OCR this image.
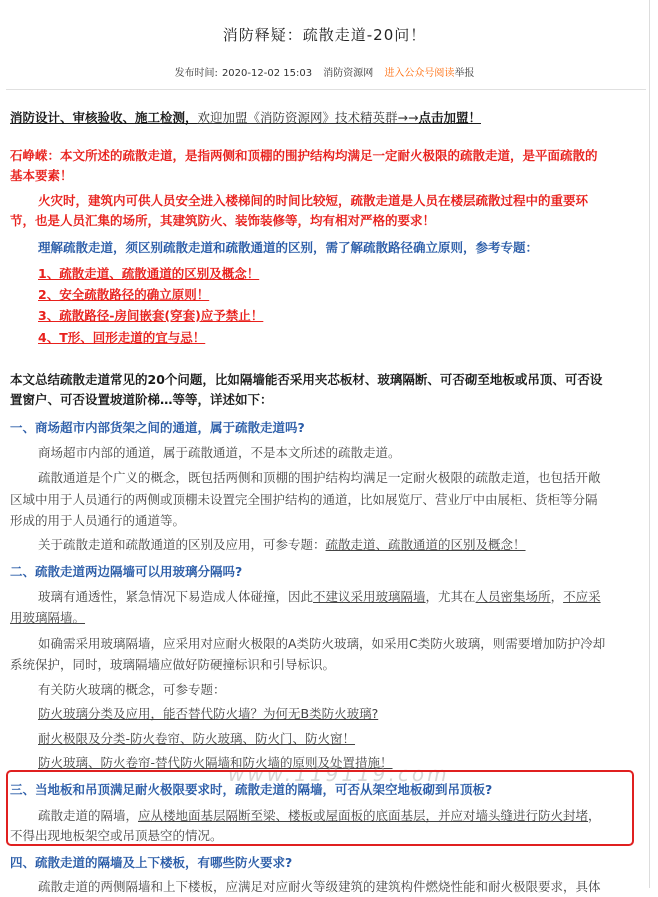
消防释疑：疏散走道-20问！
发布时间: 2020-12-02 15:03 消防资源网 进入公众号阅读举报
消防设计、审核验收、施工检测，欢迎加盟《消防资源网》技术精英群→→点击加盟！
石峥嵘：本文所述的疏散走道，是指两侧和顶棚的围护结构均满足一定耐火极限的疏散走道，是平面疏散的
基本要素！
火灾时，建筑内可供人员安全进入楼梯间的时间比较短，疏散走道是人员在楼层疏散过程中的重要环
节，也是人员汇集的场所，其建筑防火、装饰装修等，均有相对严格的要求！
理解疏散走道，须区别疏散走道和疏散通道的区别，需了解疏散路径确立原则，参考专题：
1、疏散走道、疏散通道的区别及概念！
2、安全疏散路径的确立原则！
3、疏散路径-房间嵌套(穿套)应予禁止！
4、T形、回形走道的宜与忌！
本文总结疏散走道常见的20个问题，比如隔墙能否采用夹芯板材、玻璃隔断、可否砌至地板或吊顶、可否设
置窗户、可否设置坡道阶梯…等等，详述如下：
一、商场超市内部货架之间的通道，属于疏散走道吗?
商场超市内部的通道，属于疏散通道，不是本文所述的疏散走道。
疏散通道是个广义的概念，既包括两侧和顶棚的围护结构均满足一定耐火极限的疏散走道，也包括开敞
区域中用于人员通行的两侧或顶棚未设置完全围护结构的通道，比如展览厅、营业厅中由展柜、货柜等分隔
形成的用于人员通行的通道等。
关于疏散走道和疏散通道的区别及应用，可参专题：疏散走道、疏散通道的区别及概念！
二、疏散走道两边隔墙可以用玻璃分隔吗?
玻璃有通透性，紧急情况下易造成人体碰撞，因此不建议采用玻璃隔墙，尤其在人员密集场所，不应采
用玻璃隔墙。
如确需采用玻璃隔墙，应采用对应耐火极限的A类防火玻璃，如采用C类防火玻璃，则需要增加防护冷却
系统保护，同时，玻璃隔墙应做好防硬撞标识和引导标识。
有关防火玻璃的概念，可参专题：
防火玻璃分类及应用，能否替代防火墙？为何无B类防火玻璃?
耐火极限及分类-防火卷帘、防火玻璃、防火门、防火窗！
防火玻璃、防火卷帘-替代防火隔墙和防火墙的原则及处置措施！
www.119119.com
三、当地板和吊顶满足耐火极限要求时，疏散走道的隔墙，可否从架空地板砌到吊顶板?
疏散走道的隔墙，应从楼地面基层隔断至梁、楼板或屋面板的底面基层，并应对墙头缝进行防火封堵，
不得出现地板架空或吊顶悬空的情况。
四、疏散走道的隔墙及上下楼板，有哪些防火要求?
疏散走道的两侧隔墙和上下楼板，应满足对应耐火等级建筑的建筑构件燃烧性能和耐火极限要求，具体
